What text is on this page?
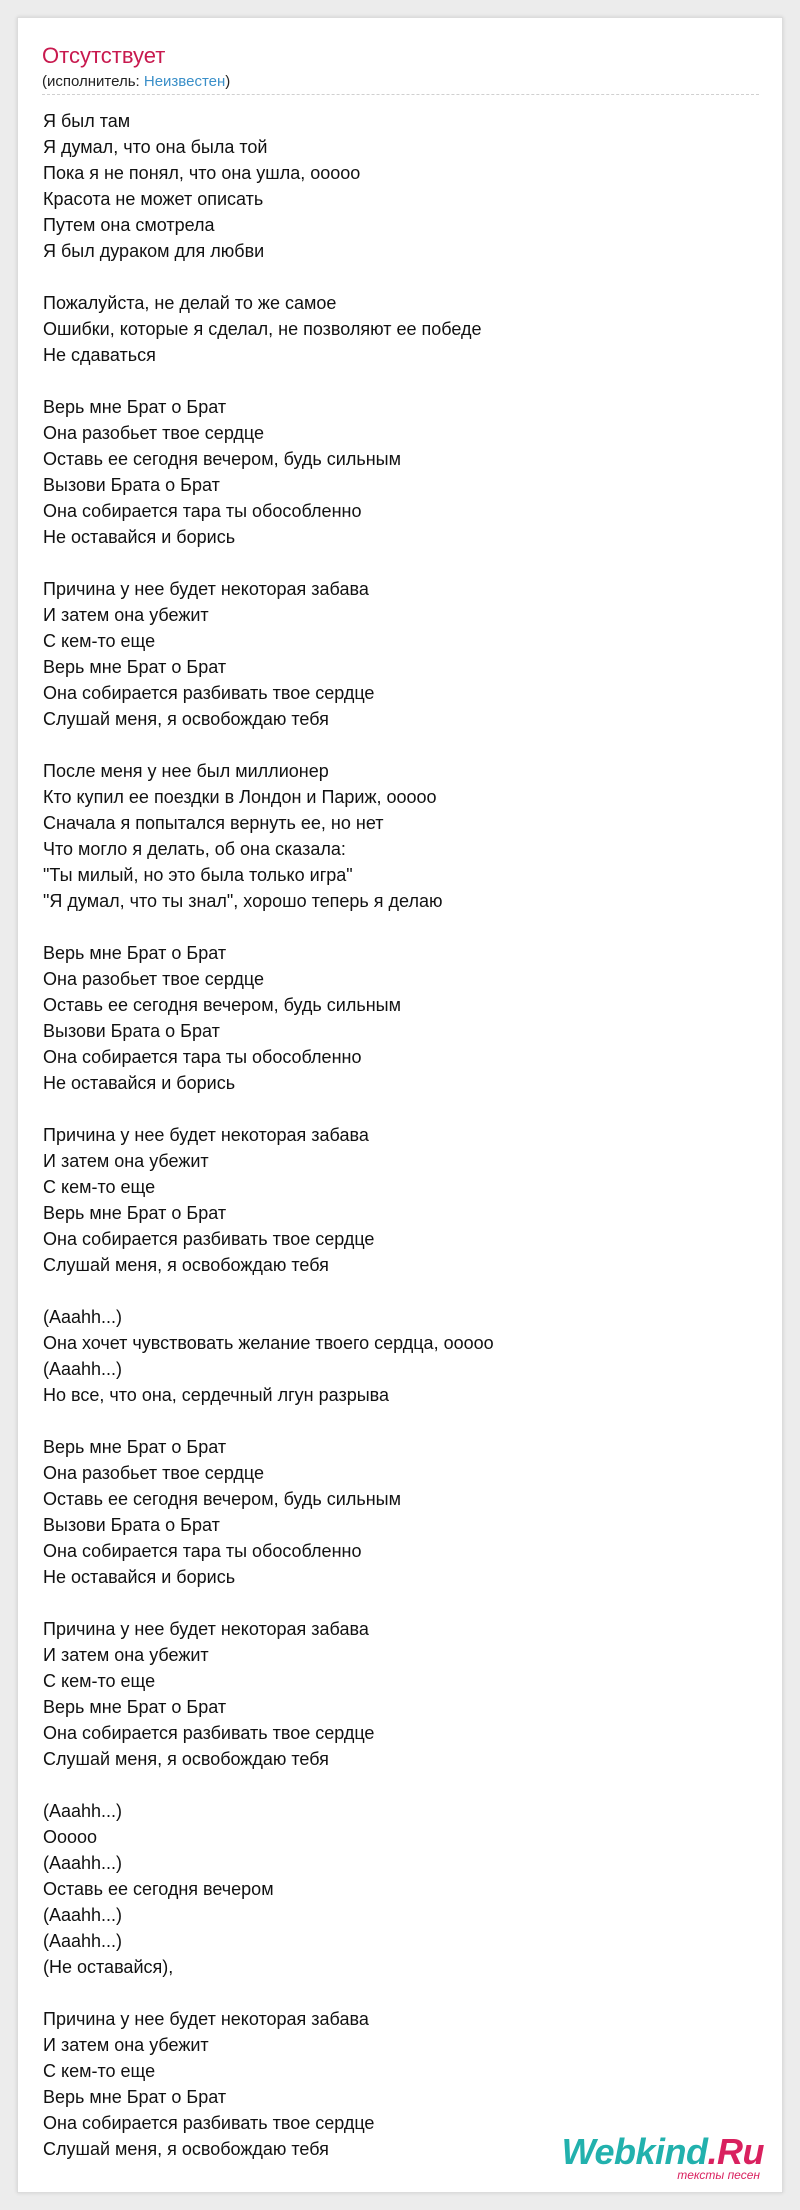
Отсутствует
(исполнитель: Неизвестен)
Я был там
Я думал, что она была той
Пока я не понял, что она ушла, ооооо
Красота не может описать
Путем она смотрела
Я был дураком для любви
Пожалуйста, не делай то же самое
Ошибки, которые я сделал, не позволяют ее победе
Не сдаваться
Верь мне Брат о Брат
Она разобьет твое сердце
Оставь ее сегодня вечером, будь сильным
Вызови Брата о Брат
Она собирается тара ты обособленно
Не оставайся и борись
Причина у нее будет некоторая забава
И затем она убежит
С кем-то еще
Верь мне Брат о Брат
Она собирается разбивать твое сердце
Слушай меня, я освобождаю тебя
После меня у нее был миллионер
Кто купил ее поездки в Лондон и Париж, ооооо
Сначала я попытался вернуть ее, но нет
Что могло я делать, об она сказала:
"Ты милый, но это была только игра"
"Я думал, что ты знал", хорошо теперь я делаю
Верь мне Брат о Брат
Она разобьет твое сердце
Оставь ее сегодня вечером, будь сильным
Вызови Брата о Брат
Она собирается тара ты обособленно
Не оставайся и борись
Причина у нее будет некоторая забава
И затем она убежит
С кем-то еще
Верь мне Брат о Брат
Она собирается разбивать твое сердце
Слушай меня, я освобождаю тебя
(Aaahh...)
Она хочет чувствовать желание твоего сердца, ооооо
(Aaahh...)
Но все, что она, сердечный лгун разрыва
Верь мне Брат о Брат
Она разобьет твое сердце
Оставь ее сегодня вечером, будь сильным
Вызови Брата о Брат
Она собирается тара ты обособленно
Не оставайся и борись
Причина у нее будет некоторая забава
И затем она убежит
С кем-то еще
Верь мне Брат о Брат
Она собирается разбивать твое сердце
Слушай меня, я освобождаю тебя
(Aaahh...)
Ооооо
(Aaahh...)
Оставь ее сегодня вечером
(Aaahh...)
(Aaahh...)
(Не оставайся),
Причина у нее будет некоторая забава
И затем она убежит
С кем-то еще
Верь мне Брат о Брат
Она собирается разбивать твое сердце
Слушай меня, я освобождаю тебя	Webkind.Ru
тексты песен
